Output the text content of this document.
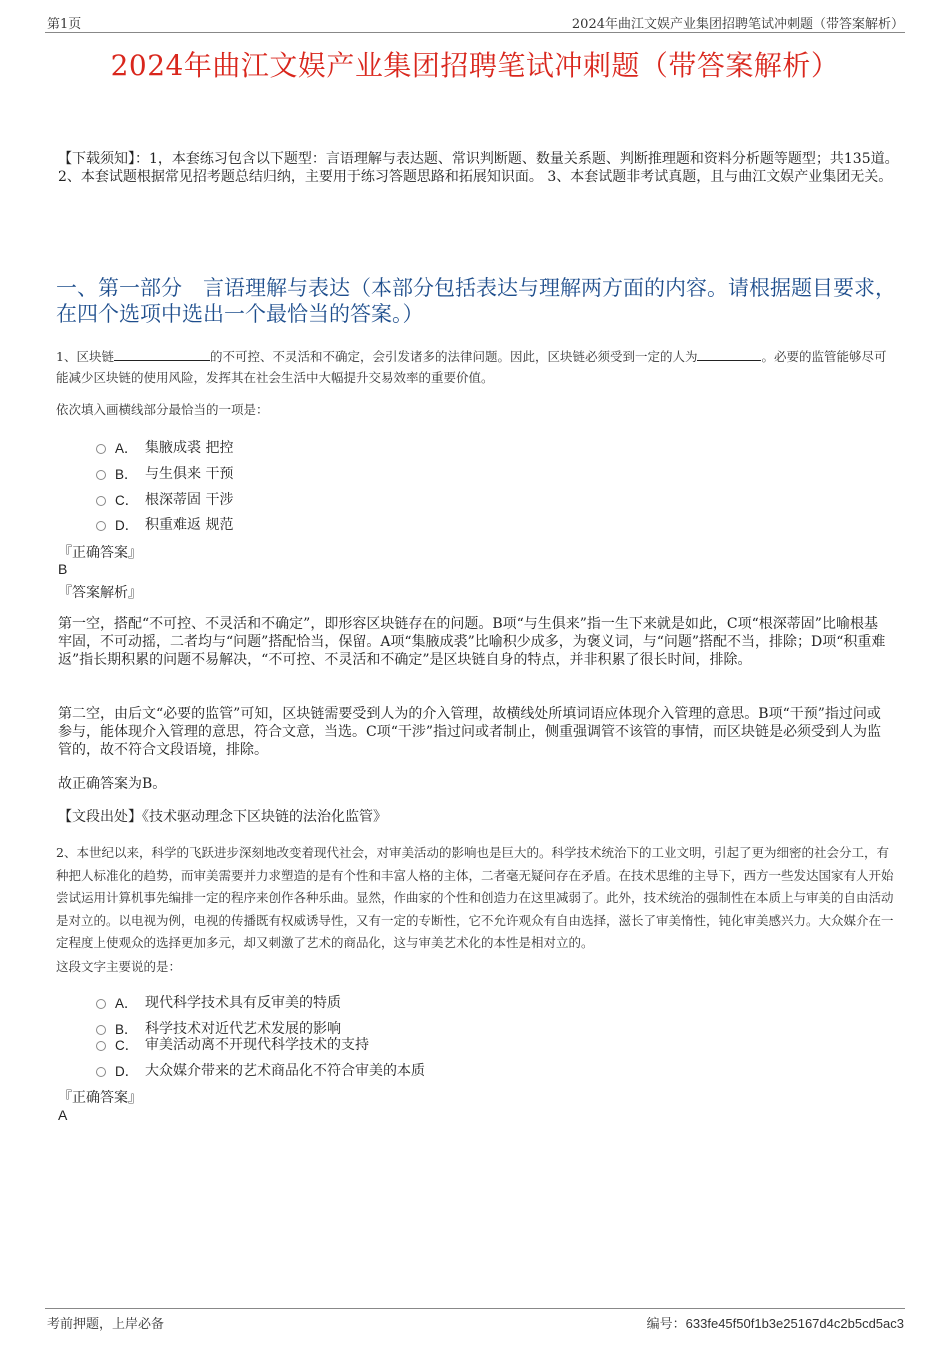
第1页	2024年曲江文娱产业集团招聘笔试冲刺题（带答案解析）
2024年曲江文娱产业集团招聘笔试冲刺题（带答案解析）
【下载须知】：1，本套练习包含以下题型：言语理解与表达题、常识判断题、数量关系题、判断推理题和资料分析题等题型；共135道。 2、本套试题根据常见招考题总结归纳，主要用于练习答题思路和拓展知识面。 3、本套试题非考试真题，且与曲江文娱产业集团无关。
一、第一部分　言语理解与表达（本部分包括表达与理解两方面的内容。请根据题目要求，在四个选项中选出一个最恰当的答案。）
1、区块链	的不可控、不灵活和不确定，会引发诸多的法律问题。因此，区块链必须受到一定的人为	。必要的监管能够尽可能减少区块链的使用风险，发挥其在社会生活中大幅提升交易效率的重要价值。
依次填入画横线部分最恰当的一项是：
A． 集腋成裘 把控
B． 与生俱来 干预
C． 根深蒂固 干涉
D． 积重难返 规范
『正确答案』
B
『答案解析』
第一空，搭配“不可控、不灵活和不确定”，即形容区块链存在的问题。B项“与生俱来”指一生下来就是如此，C项“根深蒂固”比喻根基牢固，不可动摇，二者均与“问题”搭配恰当，保留。A项“集腋成裘”比喻积少成多，为褒义词，与“问题”搭配不当，排除；D项“积重难返”指长期积累的问题不易解决，“不可控、不灵活和不确定”是区块链自身的特点，并非积累了很长时间，排除。
第二空，由后文“必要的监管”可知，区块链需要受到人为的介入管理，故横线处所填词语应体现介入管理的意思。B项“干预”指过问或参与，能体现介入管理的意思，符合文意，当选。C项“干涉”指过问或者制止，侧重强调管不该管的事情，而区块链是必须受到人为监管的，故不符合文段语境，排除。
故正确答案为B。
【文段出处】《技术驱动理念下区块链的法治化监管》
2、本世纪以来，科学的飞跃进步深刻地改变着现代社会，对审美活动的影响也是巨大的。科学技术统治下的工业文明，引起了更为细密的社会分工，有种把人标准化的趋势，而审美需要并力求塑造的是有个性和丰富人格的主体，二者毫无疑问存在矛盾。在技术思维的主导下，西方一些发达国家有人开始尝试运用计算机事先编排一定的程序来创作各种乐曲。显然，作曲家的个性和创造力在这里减弱了。此外，技术统治的强制性在本质上与审美的自由活动是对立的。以电视为例，电视的传播既有权威诱导性，又有一定的专断性，它不允许观众有自由选择，滋长了审美惰性，钝化审美感兴力。大众媒介在一定程度上使观众的选择更加多元，却又刺激了艺术的商品化，这与审美艺术化的本性是相对立的。
这段文字主要说的是：
A． 现代科学技术具有反审美的特质
B． 科学技术对近代艺术发展的影响
C． 审美活动离不开现代科学技术的支持
D． 大众媒介带来的艺术商品化不符合审美的本质
『正确答案』
A
考前押题，上岸必备	编号：633fe45f50f1b3e25167d4c2b5cd5ac3
